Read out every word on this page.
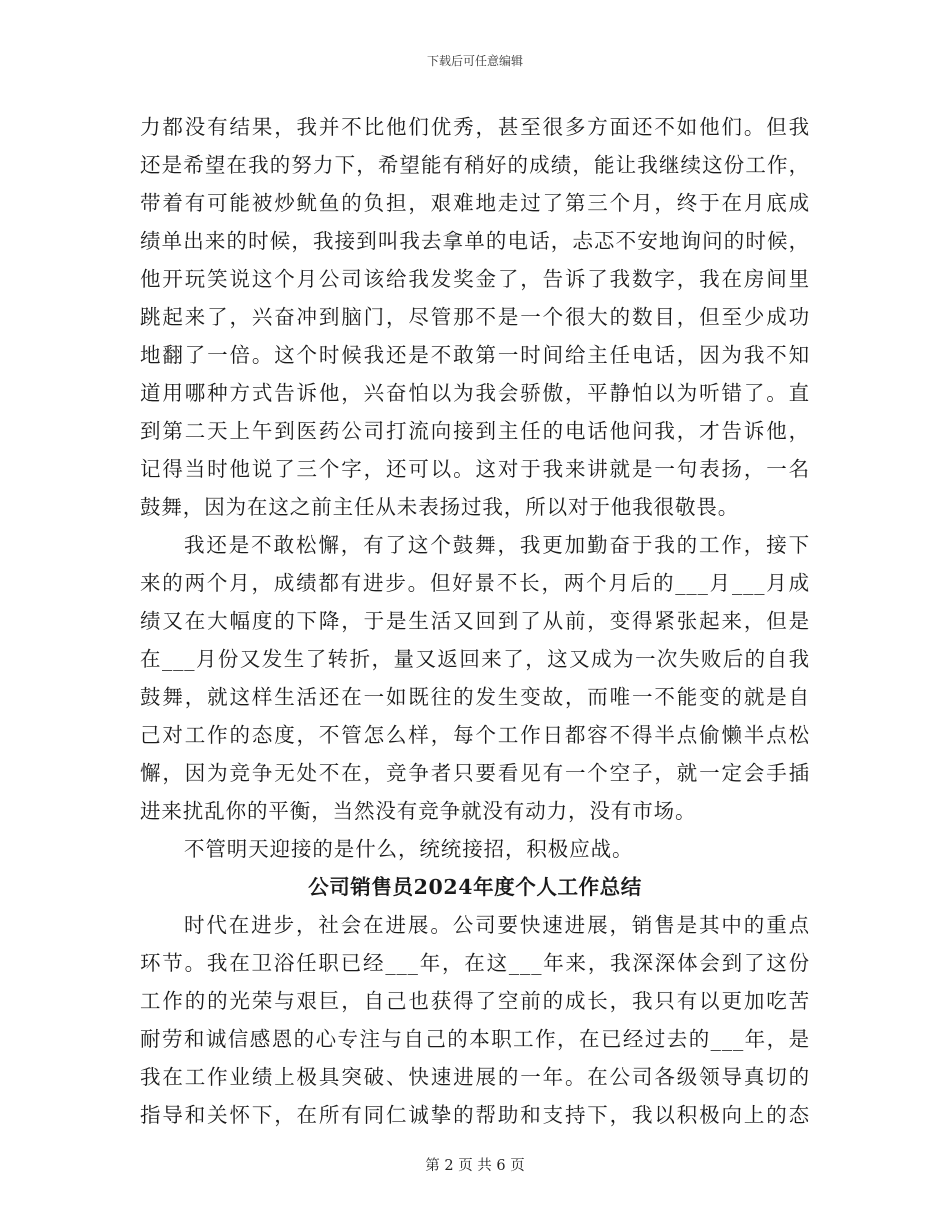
下载后可任意编辑
力都没有结果，我并不比他们优秀，甚至很多方面还不如他们。但我
还是希望在我的努力下，希望能有稍好的成绩，能让我继续这份工作，
带着有可能被炒鱿鱼的负担，艰难地走过了第三个月，终于在月底成
绩单出来的时候，我接到叫我去拿单的电话，忐忑不安地询问的时候，
他开玩笑说这个月公司该给我发奖金了，告诉了我数字，我在房间里
跳起来了，兴奋冲到脑门，尽管那不是一个很大的数目，但至少成功
地翻了一倍。这个时候我还是不敢第一时间给主任电话，因为我不知
道用哪种方式告诉他，兴奋怕以为我会骄傲，平静怕以为听错了。直
到第二天上午到医药公司打流向接到主任的电话他问我，才告诉他，
记得当时他说了三个字，还可以。这对于我来讲就是一句表扬，一名
鼓舞，因为在这之前主任从未表扬过我，所以对于他我很敬畏。
我还是不敢松懈，有了这个鼓舞，我更加勤奋于我的工作，接下
来的两个月，成绩都有进步。但好景不长，两个月后的___月___月成
绩又在大幅度的下降，于是生活又回到了从前，变得紧张起来，但是
在___月份又发生了转折，量又返回来了，这又成为一次失败后的自我
鼓舞，就这样生活还在一如既往的发生变故，而唯一不能变的就是自
己对工作的态度，不管怎么样，每个工作日都容不得半点偷懒半点松
懈，因为竞争无处不在，竞争者只要看见有一个空子，就一定会手插
进来扰乱你的平衡，当然没有竞争就没有动力，没有市场。
不管明天迎接的是什么，统统接招，积极应战。
公司销售员2024年度个人工作总结
时代在进步，社会在进展。公司要快速进展，销售是其中的重点
环节。我在卫浴任职已经___年，在这___年来，我深深体会到了这份
工作的的光荣与艰巨，自己也获得了空前的成长，我只有以更加吃苦
耐劳和诚信感恩的心专注与自己的本职工作，在已经过去的___年，是
我在工作业绩上极具突破、快速进展的一年。在公司各级领导真切的
指导和关怀下，在所有同仁诚挚的帮助和支持下，我以积极向上的态
第 2 页 共 6 页
